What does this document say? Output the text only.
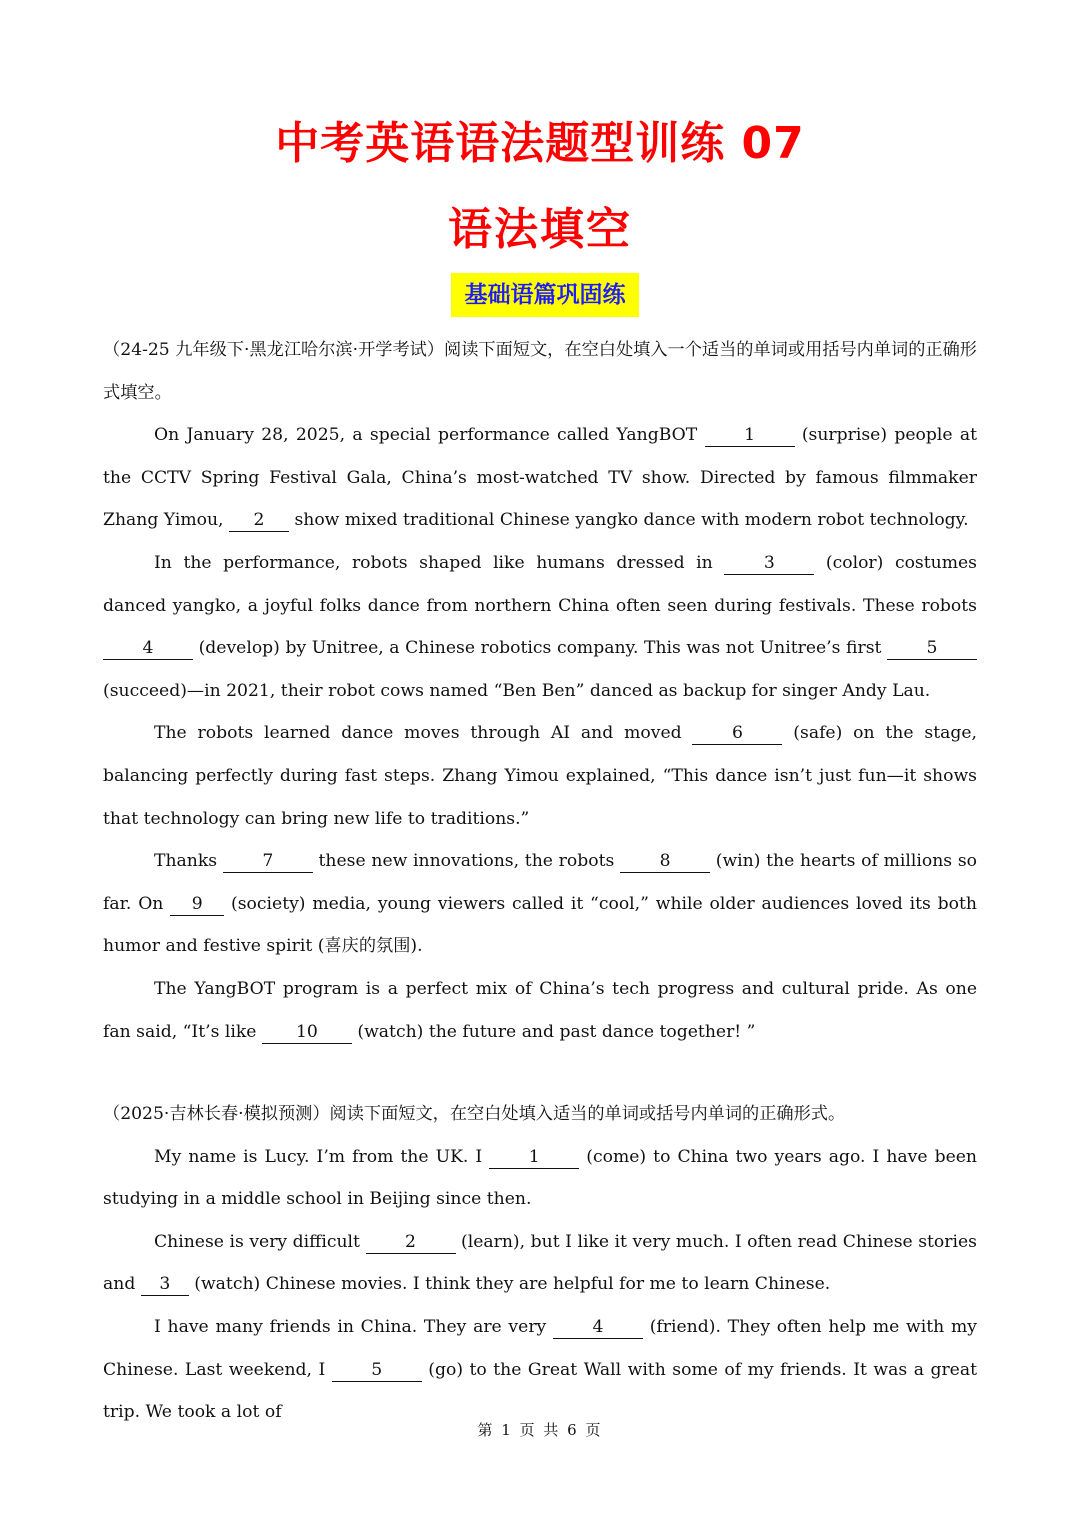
中考英语语法题型训练 07
语法填空
基础语篇巩固练

（24-25 九年级下·黑龙江哈尔滨·开学考试）阅读下面短文，在空白处填入一个适当的单词或用括号内单词的正确形式填空。

On January 28, 2025, a special performance called YangBOT 1 (surprise) people at the CCTV Spring Festival Gala, China’s most-watched TV show. Directed by famous filmmaker Zhang Yimou, 2 show mixed traditional Chinese yangko dance with modern robot technology.

In the performance, robots shaped like humans dressed in 3 (color) costumes danced yangko, a joyful folks dance from northern China often seen during festivals. These robots 4 (develop) by Unitree, a Chinese robotics company. This was not Unitree’s first 5 (succeed)—in 2021, their robot cows named “Ben Ben” danced as backup for singer Andy Lau.

The robots learned dance moves through AI and moved 6 (safe) on the stage, balancing perfectly during fast steps. Zhang Yimou explained, “This dance isn’t just fun—it shows that technology can bring new life to traditions.”

Thanks 7 these new innovations, the robots 8 (win) the hearts of millions so far. On 9 (society) media, young viewers called it “cool,” while older audiences loved its both humor and festive spirit (喜庆的氛围).

The YangBOT program is a perfect mix of China’s tech progress and cultural pride. As one fan said, “It’s like 10 (watch) the future and past dance together! ”

（2025·吉林长春·模拟预测）阅读下面短文，在空白处填入适当的单词或括号内单词的正确形式。

My name is Lucy. I’m from the UK. I 1 (come) to China two years ago. I have been studying in a middle school in Beijing since then.

Chinese is very difficult 2 (learn), but I like it very much. I often read Chinese stories and 3 (watch) Chinese movies. I think they are helpful for me to learn Chinese.

I have many friends in China. They are very 4 (friend). They often help me with my Chinese. Last weekend, I 5 (go) to the Great Wall with some of my friends. It was a great trip. We took a lot of

第 1 页 共 6 页
